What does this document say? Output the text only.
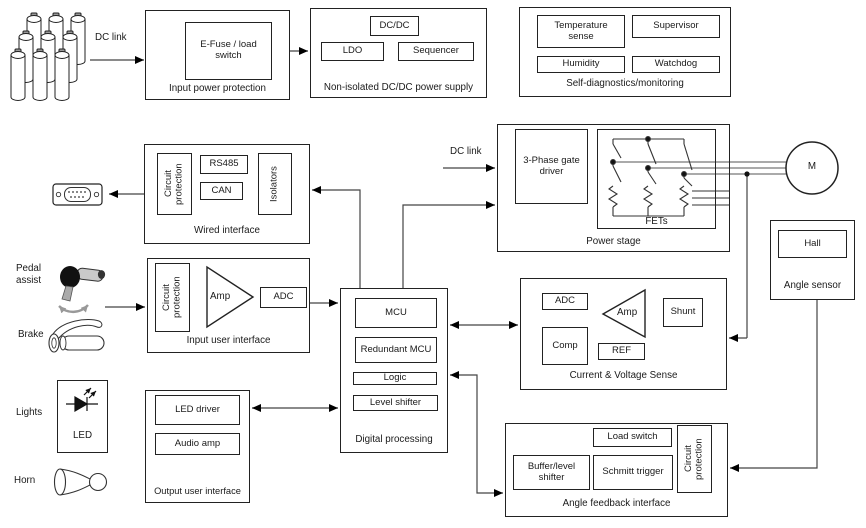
E-Fuse / load switch
Input power protection
DC/DC
LDO	Sequencer
Non-isolated DC/DC power supply
Temperature sense
Supervisor
Humidity	Watchdog
Self-diagnostics/monitoring
Circuit protection	RS485
CAN	Isolators
Wired interface
Circuit protection	Amp	ADC
Input user interface
MCU
Redundant MCU
Logic
Level shifter
Digital processing
3-Phase gate driver
FETs
Power stage
ADC
Amp	Shunt
Comp	REF
Current & Voltage Sense
Hall
Angle sensor
Load switch
Buffer/level shifter	Schmitt trigger	Circuit protection
Angle feedback interface
LED driver
Audio amp
Output user interface
LED
DC link
DC link
Pedal assist
Brake
Lights
Horn
M
